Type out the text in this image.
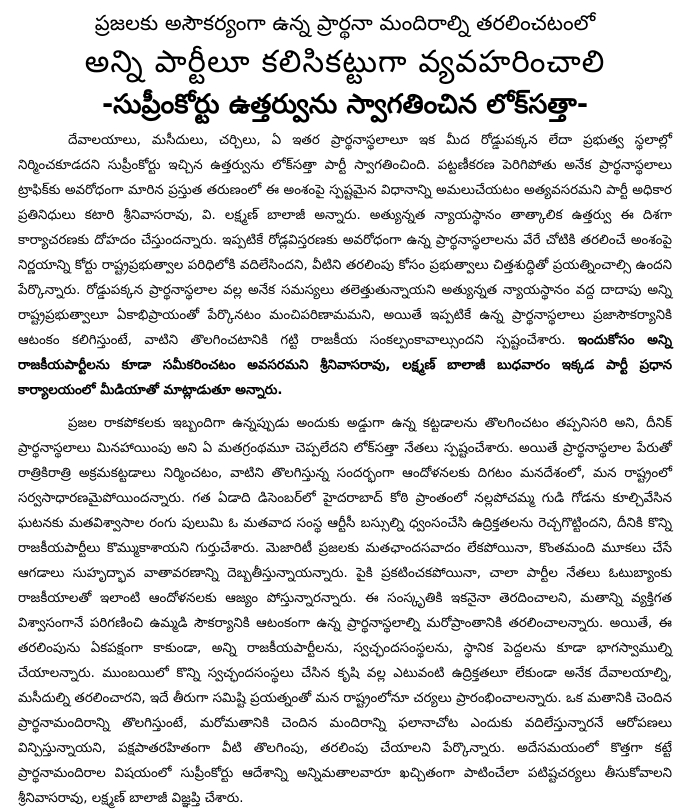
ప్రజలకు అసౌకర్యంగా ఉన్న ప్రార్థనా మందిరాల్ని తరలించటంలో
అన్ని పార్టీలూ కలిసికట్టుగా వ్యవహరించాలి
-సుప్రీంకోర్టు ఉత్తర్వును స్వాగతించిన లోక్‌సత్తా-

దేవాలయాలు, మసీదులు, చర్చిలు, ఏ ఇతర ప్రార్థనాస్థలాలూ ఇక మీద రోడ్డుపక్కన లేదా ప్రభుత్వ స్థలాల్లో నిర్మించకూడదని సుప్రీంకోర్టు ఇచ్చిన ఉత్తర్వును లోక్‌సత్తా పార్టీ స్వాగతించింది. పట్టణీకరణ పెరిగిపోతు అనేక ప్రార్థనాస్థలాలు ట్రాఫిక్‌కు అవరోధంగా మారిన ప్రస్తుత తరుణంలో ఈ అంశంపై స్పష్టమైన విధానాన్ని అమలుచేయటం అత్యవసరమని పార్టీ అధికార ప్రతినిధులు కటారి శ్రీనివాసరావు, వి. లక్ష్మణ్ బాలాజీ అన్నారు. అత్యున్నత న్యాయస్థానం తాత్కాలిక ఉత్తర్వు ఈ దిశగా కార్యాచరణకు దోహదం చేస్తుందన్నారు. ఇప్పటికే రోడ్లవిస్తరణకు అవరోధంగా ఉన్న ప్రార్థనాస్థలాలను వేరే చోటికి తరలించే అంశంపై నిర్ణయాన్ని కోర్టు రాష్ట్రప్రభుత్వాల పరిధిలోకి వదిలేసిందని, వీటిని తరలింపు కోసం ప్రభుత్వాలు చిత్తశుద్ధితో ప్రయత్నించాల్సి ఉందని పేర్కొన్నారు. రోడ్డుపక్కన ప్రార్థనాస్థలాల వల్ల అనేక సమస్యలు తలెత్తుతున్నాయని అత్యున్నత న్యాయస్థానం వద్ద దాదాపు అన్ని రాష్ట్రప్రభుత్వాలూ ఏకాభిప్రాయంతో పేర్కొనటం మంచిపరిణామమని, అయితే ఇప్పటికే ఉన్న ప్రార్థనాస్థలాలు ప్రజాసౌకర్యానికి ఆటంకం కలిగిస్తుంటే, వాటిని తొలగించటానికి గట్టి రాజకీయ సంకల్పంకావాల్సుందని స్పష్టంచేశారు. ఇందుకోసం అన్ని రాజకీయపార్టీలను కూడా సమీకరించటం అవసరమని శ్రీనివాసరావు, లక్ష్మణ్ బాలాజీ బుధవారం ఇక్కడ పార్టీ ప్రధాన కార్యాలయంలో మీడియాతో మాట్లాడుతూ అన్నారు.

ప్రజల రాకపోకలకు ఇబ్బందిగా ఉన్నప్పుడు అందుకు అడ్డుగా ఉన్న కట్టడాలను తొలగించటం తప్పనిసరి అని, దీనిక్ ప్రార్థనాస్థలాలు మినహాయింపు అని ఏ మతగ్రంథమూ చెప్పలేదని లోక్‌సత్తా నేతలు స్పష్టంచేశారు. అయితే ప్రార్థనాస్థలాల పేరుతో రాత్రికిరాత్రి అక్రమకట్టడాలు నిర్మించటం, వాటిని తొలగిస్తున్న సందర్భంగా ఆందోళనలకు దిగటం మనదేశంలో, మన రాష్ట్రంలో సర్వసాధారణమైపోయిందన్నారు. గత ఏడాది డిసెంబర్‌లో హైదరాబాద్ కోఠి ప్రాంతంలో నల్లపోచమ్మ గుడి గోడను కూల్చివేసిన ఘటనకు మతవిశ్వాసాల రంగు పులుమి ఓ మతవాద సంస్థ ఆర్టీసీ బస్సుల్ని ధ్వంసంచేసి ఉద్రిక్తతలను రెచ్చగొట్టిందని, దీనికి కొన్ని రాజకీయపార్టీలు కొమ్ముకాశాయని గుర్తుచేశారు. మెజారిటీ ప్రజలకు మతఛాందసవాదం లేకపోయినా, కొంతమంది మూకలు చేసే ఆగడాలు సుహృద్భావ వాతావరణాన్ని దెబ్బతీస్తున్నాయన్నారు. పైకి ప్రకటించకపోయినా, చాలా పార్టీల నేతలు ఓటుబ్యాంకు రాజకీయాలతో ఇలాంటి ఆందోళనలకు ఆజ్యం పోస్తున్నారన్నారు. ఈ సంస్కృతికి ఇకనైనా తెరదించాలని, మతాన్ని వ్యక్తిగత విశ్వాసంగానే పరిగణించి ఉమ్మడి సౌకర్యానికి ఆటంకంగా ఉన్న ప్రార్థనాస్థలాల్ని మరోప్రాంతానికి తరలించాలన్నారు. అయితే, ఈ తరలింపును ఏకపక్షంగా కాకుండా, అన్ని రాజకీయపార్టీలను, స్వచ్ఛందసంస్థలను, స్థానిక పెద్దలను కూడా భాగస్వాముల్ని చేయాలన్నారు. ముంబయిలో కొన్ని స్వచ్ఛందసంస్థలు చేసిన కృషి వల్ల ఎటువంటి ఉద్రిక్తతలూ లేకుండా అనేక దేవాలయాల్ని, మసీదుల్ని తరలించారని, ఇదే తీరుగా సమిష్టి ప్రయత్నంతో మన రాష్ట్రంలోనూ చర్యలు ప్రారంభించాలన్నారు. ఒక మతానికి చెందిన ప్రార్థనామందిరాన్ని తొలగిస్తుంటే, మరోమతానికి చెందిన మందిరాన్ని ఫలానాచోట ఎందుకు వదిలేస్తున్నారనే ఆరోపణలు విన్పిస్తున్నాయని, పక్షపాతరహితంగా వీటి తొలగింపు, తరలింపు చేయాలని పేర్కొన్నారు. అదేసమయంలో కొత్తగా కట్టే ప్రార్థనామందిరాల విషయంలో సుప్రీంకోర్టు ఆదేశాన్ని అన్నిమతాలవారూ ఖచ్చితంగా పాటించేలా పటిష్టచర్యలు తీసుకోవాలని శ్రీనివాసరావు, లక్ష్మణ్ బాలాజీ విజ్ఞప్తి చేశారు.
